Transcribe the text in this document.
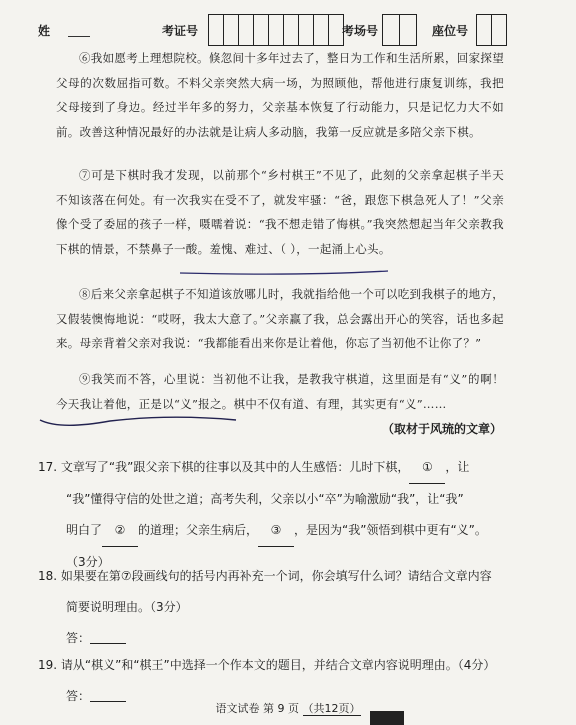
姓	考证号	考场号	座位号

⑥我如愿考上理想院校。倏忽间十多年过去了，整日为工作和生活所累，回家探望父母的次数屈指可数。不料父亲突然大病一场，为照顾他，帮他进行康复训练，我把父母接到了身边。经过半年多的努力，父亲基本恢复了行动能力，只是记忆力大不如前。改善这种情况最好的办法就是让病人多动脑，我第一反应就是多陪父亲下棋。

⑦可是下棋时我才发现，以前那个“乡村棋王”不见了，此刻的父亲拿起棋子半天不知该落在何处。有一次我实在受不了，就发牢骚：“爸，跟您下棋急死人了！”父亲像个受了委屈的孩子一样，嗫嚅着说：“我不想走错了悔棋。”我突然想起当年父亲教我下棋的情景，不禁鼻子一酸。羞愧、难过、（ ），一起涌上心头。

⑧后来父亲拿起棋子不知道该放哪儿时，我就指给他一个可以吃到我棋子的地方，又假装懊悔地说：“哎呀，我太大意了。”父亲赢了我，总会露出开心的笑容，话也多起来。母亲背着父亲对我说：“我都能看出来你是让着他，你忘了当初他不让你了？”

⑨我笑而不答，心里说：当初他不让我，是教我守棋道，这里面是有“义”的啊！今天我让着他，正是以“义”报之。棋中不仅有道、有理，其实更有“义”……

（取材于风琉的文章）
17. 文章写了“我”跟父亲下棋的往事以及其中的人生感悟：儿时下棋， ① ，让
“我”懂得守信的处世之道；高考失利，父亲以小“卒”为喻激励“我”，让“我”
明白了 ② 的道理；父亲生病后， ③ ，是因为“我”领悟到棋中更有“义”。
（3分）
18. 如果要在第⑦段画线句的括号内再补充一个词，你会填写什么词？请结合文章内容
简要说明理由。（3分）
答：
19. 请从“棋义”和“棋王”中选择一个作本文的题目，并结合文章内容说明理由。（4分）
答：
语文试卷 第 9 页 （共12页）
